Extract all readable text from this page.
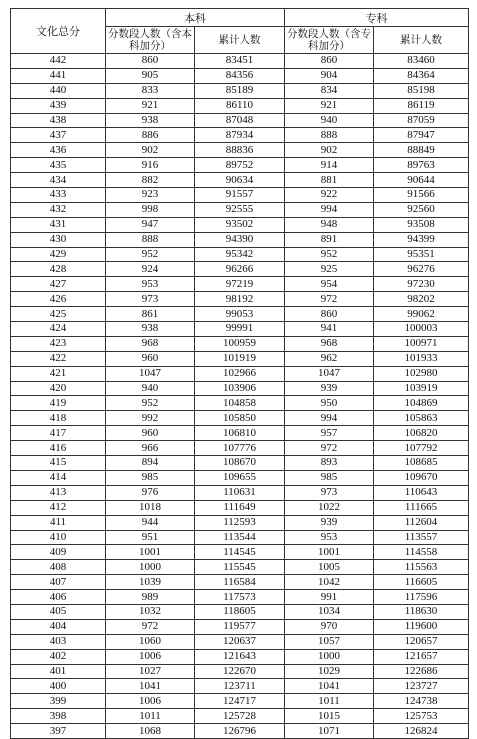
文化总分	本科		专科	
	分数段人数（含本科加分）	累计人数	分数段人数（含专科加分）	累计人数
442	860	83451	860	83460
441	905	84356	904	84364
440	833	85189	834	85198
439	921	86110	921	86119
438	938	87048	940	87059
437	886	87934	888	87947
436	902	88836	902	88849
435	916	89752	914	89763
434	882	90634	881	90644
433	923	91557	922	91566
432	998	92555	994	92560
431	947	93502	948	93508
430	888	94390	891	94399
429	952	95342	952	95351
428	924	96266	925	96276
427	953	97219	954	97230
426	973	98192	972	98202
425	861	99053	860	99062
424	938	99991	941	100003
423	968	100959	968	100971
422	960	101919	962	101933
421	1047	102966	1047	102980
420	940	103906	939	103919
419	952	104858	950	104869
418	992	105850	994	105863
417	960	106810	957	106820
416	966	107776	972	107792
415	894	108670	893	108685
414	985	109655	985	109670
413	976	110631	973	110643
412	1018	111649	1022	111665
411	944	112593	939	112604
410	951	113544	953	113557
409	1001	114545	1001	114558
408	1000	115545	1005	115563
407	1039	116584	1042	116605
406	989	117573	991	117596
405	1032	118605	1034	118630
404	972	119577	970	119600
403	1060	120637	1057	120657
402	1006	121643	1000	121657
401	1027	122670	1029	122686
400	1041	123711	1041	123727
399	1006	124717	1011	124738
398	1011	125728	1015	125753
397	1068	126796	1071	126824
